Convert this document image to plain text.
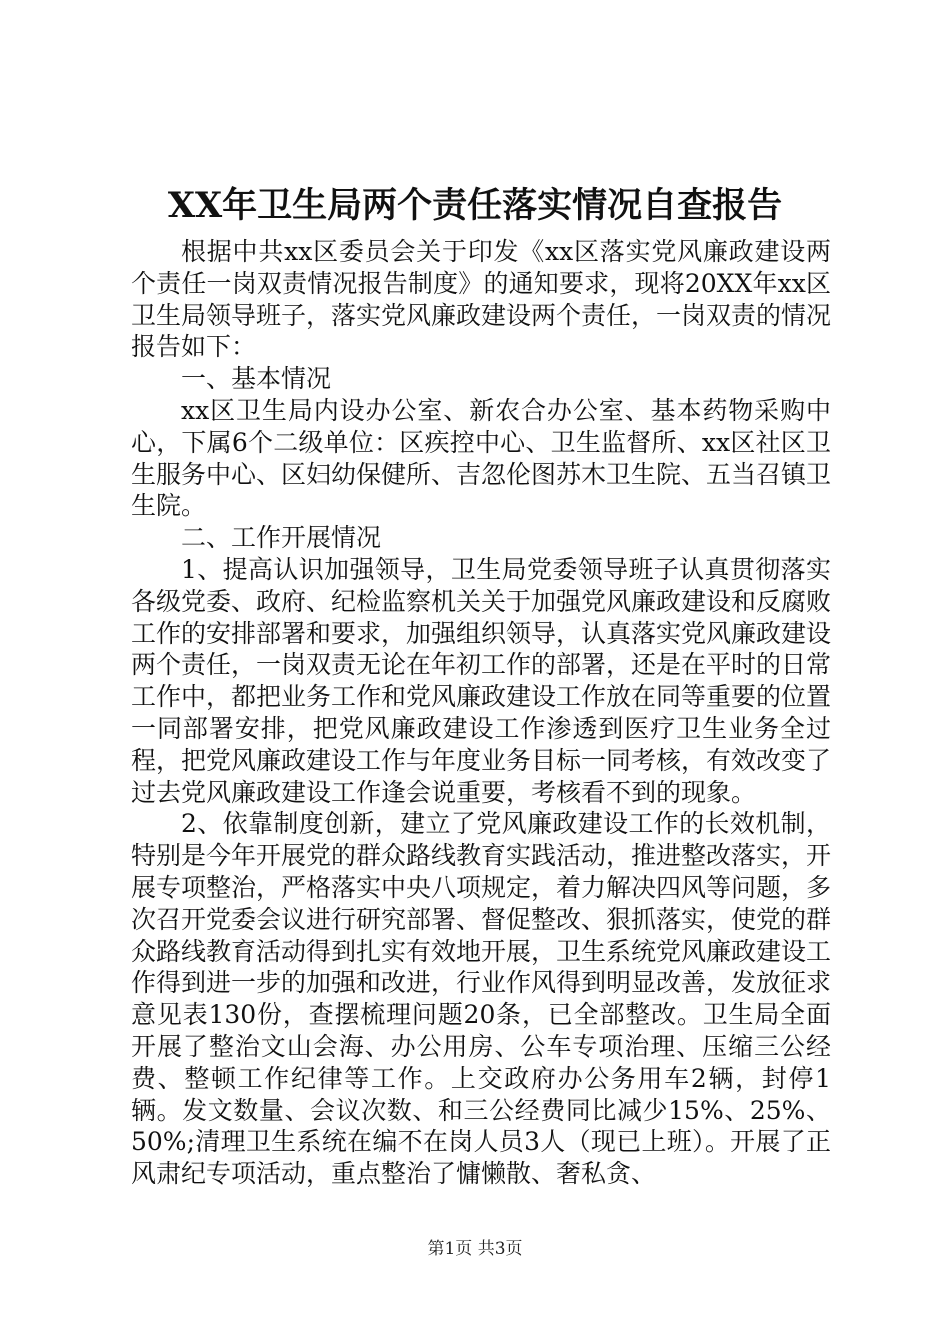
XX年卫生局两个责任落实情况自查报告

根据中共xx区委员会关于印发《xx区落实党风廉政建设两个责任一岗双责情况报告制度》的通知要求，现将20XX年xx区卫生局领导班子，落实党风廉政建设两个责任，一岗双责的情况报告如下：

一、基本情况

xx区卫生局内设办公室、新农合办公室、基本药物采购中心，下属6个二级单位：区疾控中心、卫生监督所、xx区社区卫生服务中心、区妇幼保健所、吉忽伦图苏木卫生院、五当召镇卫生院。

二、工作开展情况

1、提高认识加强领导，卫生局党委领导班子认真贯彻落实各级党委、政府、纪检监察机关关于加强党风廉政建设和反腐败工作的安排部署和要求，加强组织领导，认真落实党风廉政建设两个责任，一岗双责无论在年初工作的部署，还是在平时的日常工作中，都把业务工作和党风廉政建设工作放在同等重要的位置一同部署安排，把党风廉政建设工作渗透到医疗卫生业务全过程，把党风廉政建设工作与年度业务目标一同考核，有效改变了过去党风廉政建设工作逢会说重要，考核看不到的现象。

2、依靠制度创新，建立了党风廉政建设工作的长效机制，特别是今年开展党的群众路线教育实践活动，推进整改落实，开展专项整治，严格落实中央八项规定，着力解决四风等问题，多次召开党委会议进行研究部署、督促整改、狠抓落实，使党的群众路线教育活动得到扎实有效地开展，卫生系统党风廉政建设工作得到进一步的加强和改进，行业作风得到明显改善，发放征求意见表130份，查摆梳理问题20条，已全部整改。卫生局全面开展了整治文山会海、办公用房、公车专项治理、压缩三公经费、整顿工作纪律等工作。上交政府办公务用车2辆，封停1辆。发文数量、会议次数、和三公经费同比减少15%、25%、50%;清理卫生系统在编不在岗人员3人（现已上班）。开展了正风肃纪专项活动，重点整治了慵懒散、奢私贪、

第1页 共3页
